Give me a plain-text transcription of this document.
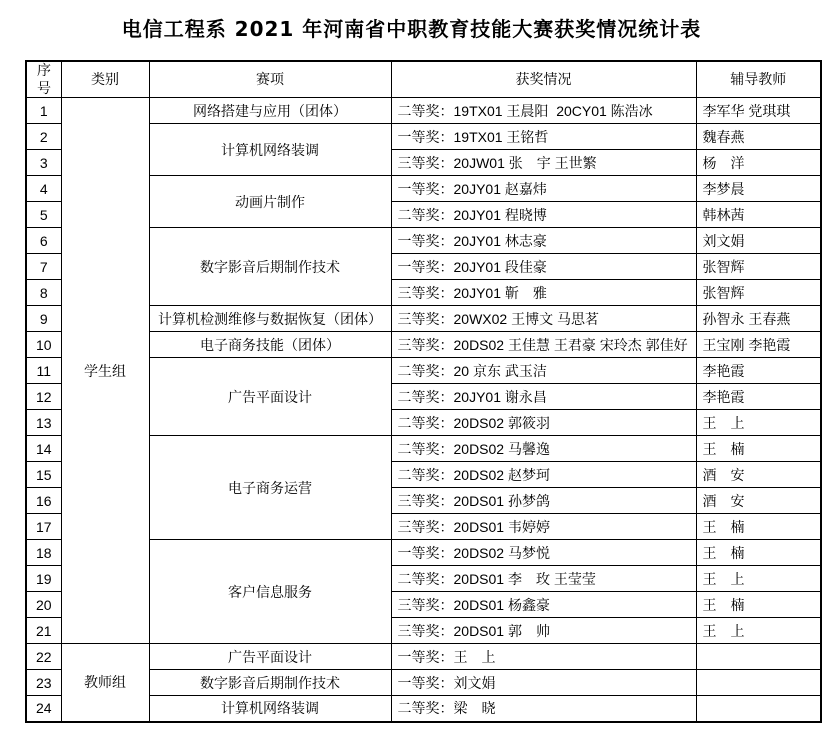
电信工程系 2021 年河南省中职教育技能大赛获奖情况统计表
序号	类别	赛项	获奖情况	辅导教师
1	学生组	网络搭建与应用（团体）	二等奖：19TX01 王晨阳  20CY01 陈浩冰	李军华 党琪琪
2		计算机网络装调	一等奖：19TX01 王铭哲	魏春燕
3			三等奖：20JW01 张　宇 王世繁	杨　洋
4		动画片制作	一等奖：20JY01 赵嘉炜	李梦晨
5			二等奖：20JY01 程晓博	韩林茜
6		数字影音后期制作技术	一等奖：20JY01 林志豪	刘文娟
7			一等奖：20JY01 段佳豪	张智辉
8			三等奖：20JY01 靳　雅	张智辉
9		计算机检测维修与数据恢复（团体）	三等奖：20WX02 王博文 马思茗	孙智永 王春燕
10		电子商务技能（团体）	三等奖：20DS02 王佳慧 王君豪 宋玲杰 郭佳好	王宝刚 李艳霞
11		广告平面设计	二等奖：20 京东 武玉洁	李艳霞
12			二等奖：20JY01 谢永昌	李艳霞
13			二等奖：20DS02 郭筱羽	王　上
14		电子商务运营	二等奖：20DS02 马馨逸	王　楠
15			二等奖：20DS02 赵梦珂	酒　安
16			三等奖：20DS01 孙梦鸽	酒　安
17			三等奖：20DS01 韦婷婷	王　楠
18		客户信息服务	一等奖：20DS02 马梦悦	王　楠
19			二等奖：20DS01 李　玫 王莹莹	王　上
20			三等奖：20DS01 杨鑫豪	王　楠
21			三等奖：20DS01 郭　帅	王　上
22	教师组	广告平面设计	一等奖：王　上	
23		数字影音后期制作技术	一等奖：刘文娟	
24		计算机网络装调	二等奖：梁　晓	
